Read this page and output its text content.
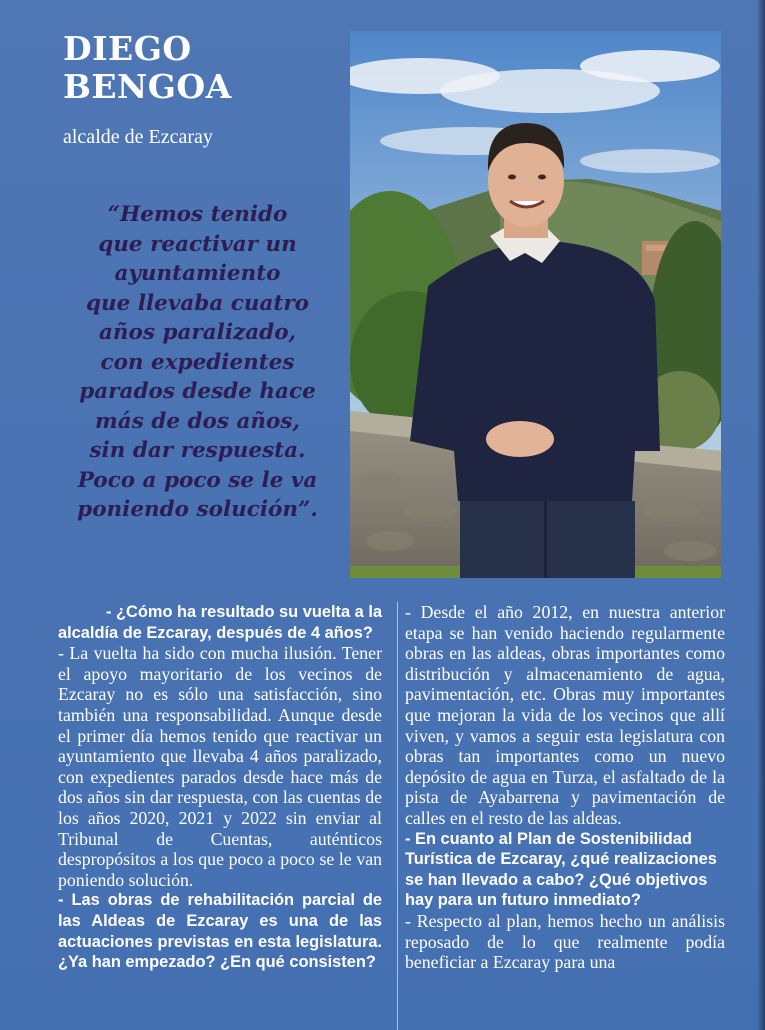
DIEGO
BENGOA
alcalde de Ezcaray
“Hemos tenido
que reactivar un
ayuntamiento
que llevaba cuatro
años paralizado,
con expedientes
parados desde hace
más de dos años,
sin dar respuesta.
Poco a poco se le va
poniendo solución”.

- ¿Cómo ha resultado su vuelta a la alcaldía de Ezcaray, después de 4 años?

- La vuelta ha sido con mucha ilusión. Tener el apoyo mayoritario de los vecinos de Ezcaray no es sólo una satisfacción, sino también una responsabilidad. Aunque desde el primer día hemos tenido que reactivar un ayuntamiento que llevaba 4 años paralizado, con expedientes parados desde hace más de dos años sin dar respuesta, con las cuentas de los años 2020, 2021 y 2022 sin enviar al Tribunal de Cuentas, auténticos despropósitos a los que poco a poco se le van poniendo solución.

- Las obras de rehabilitación parcial de las Aldeas de Ezcaray es una de las actuaciones previstas en esta legislatura. ¿Ya han empezado? ¿En qué consisten?

- Desde el año 2012, en nuestra anterior etapa se han venido haciendo regularmente obras en las aldeas, obras importantes como distribución y almacenamiento de agua, pavimentación, etc. Obras muy importantes que mejoran la vida de los vecinos que allí viven, y vamos a seguir esta legislatura con obras tan importantes como un nuevo depósito de agua en Turza, el asfaltado de la pista de Ayabarrena y pavimentación de calles en el resto de las aldeas.

- En cuanto al Plan de Sostenibilidad Turística de Ezcaray, ¿qué realizaciones se han llevado a cabo? ¿Qué objetivos hay para un futuro inmediato?

- Respecto al plan, hemos hecho un análisis reposado de lo que realmente podía beneficiar a Ezcaray para una
